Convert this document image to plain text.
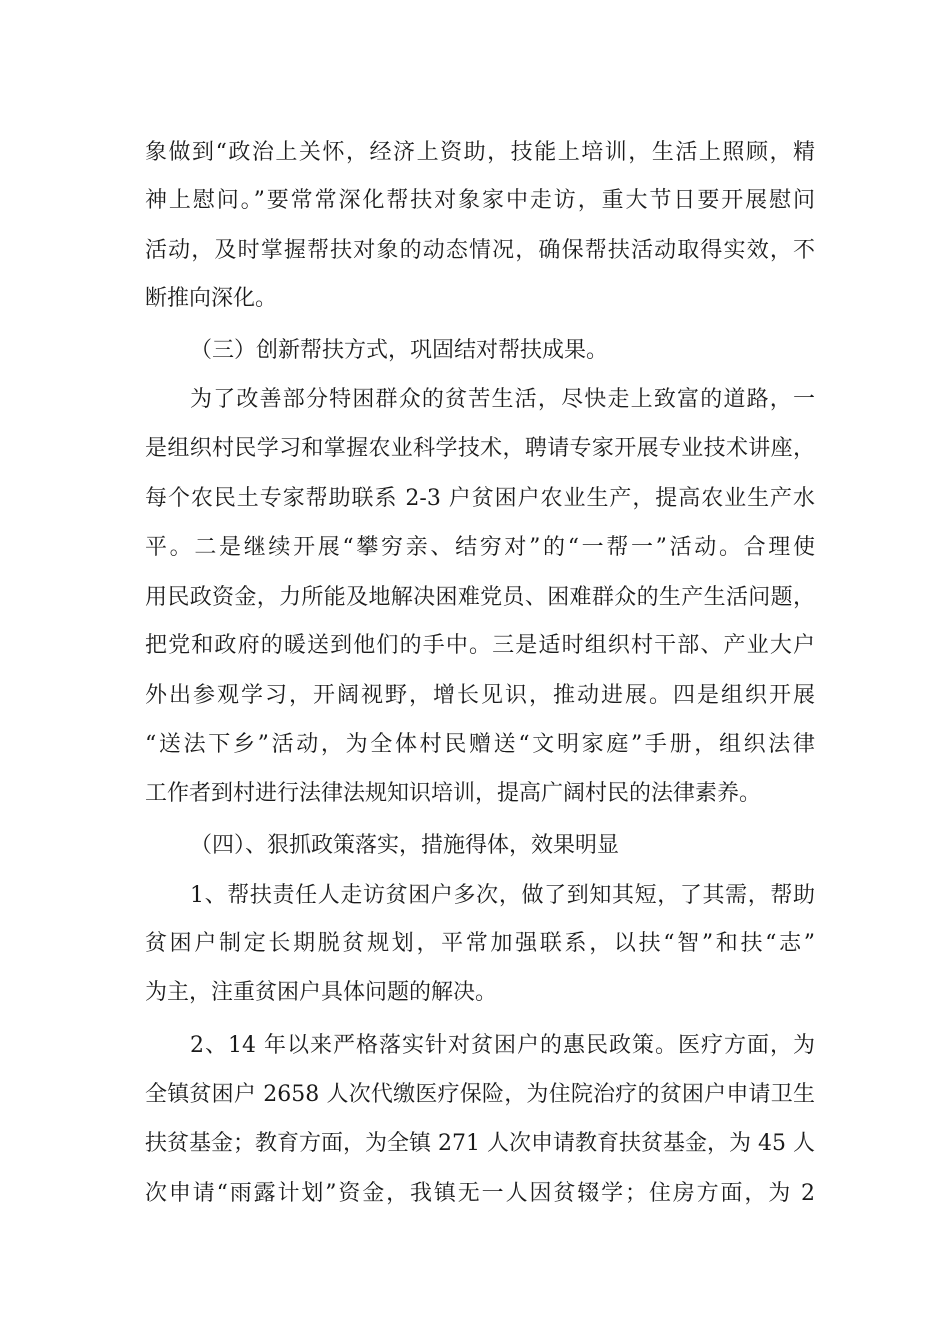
象做到“政治上关怀，经济上资助，技能上培训，生活上照顾，精
神上慰问。”要常常深化帮扶对象家中走访，重大节日要开展慰问
活动，及时掌握帮扶对象的动态情况，确保帮扶活动取得实效，不
断推向深化。
（三）创新帮扶方式，巩固结对帮扶成果。
为了改善部分特困群众的贫苦生活，尽快走上致富的道路，一
是组织村民学习和掌握农业科学技术，聘请专家开展专业技术讲座，
每个农民土专家帮助联系 2-3 户贫困户农业生产，提高农业生产水
平。二是继续开展“攀穷亲、结穷对”的“一帮一”活动。合理使
用民政资金，力所能及地解决困难党员、困难群众的生产生活问题，
把党和政府的暖送到他们的手中。三是适时组织村干部、产业大户
外出参观学习，开阔视野，增长见识，推动进展。四是组织开展
“送法下乡”活动，为全体村民赠送“文明家庭”手册，组织法律
工作者到村进行法律法规知识培训，提高广阔村民的法律素养。
（四）、狠抓政策落实，措施得体，效果明显
1、帮扶责任人走访贫困户多次，做了到知其短，了其需，帮助
贫困户制定长期脱贫规划，平常加强联系，以扶“智”和扶“志”
为主，注重贫困户具体问题的解决。
2、14 年以来严格落实针对贫困户的惠民政策。医疗方面，为
全镇贫困户 2658 人次代缴医疗保险，为住院治疗的贫困户申请卫生
扶贫基金；教育方面，为全镇 271 人次申请教育扶贫基金，为 45 人
次申请“雨露计划”资金，我镇无一人因贫辍学；住房方面，为 2
